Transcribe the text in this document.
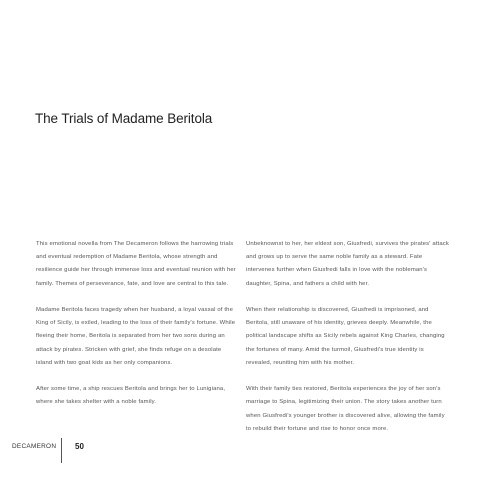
The Trials of Madame Beritola

This emotional novella from The Decameron follows the harrowing trials and eventual redemption of Madame Beritola, whose strength and resilience guide her through immense loss and eventual reunion with her family. Themes of perseverance, fate, and love are central to this tale.

Madame Beritola faces tragedy when her husband, a loyal vassal of the King of Sicily, is exiled, leading to the loss of their family's fortune. While fleeing their home, Beritola is separated from her two sons during an attack by pirates. Stricken with grief, she finds refuge on a desolate island with two goat kids as her only companions.

After some time, a ship rescues Beritola and brings her to Lunigiana, where she takes shelter with a noble family.

Unbeknownst to her, her eldest son, Giusfredi, survives the pirates' attack and grows up to serve the same noble family as a steward. Fate intervenes further when Giusfredi falls in love with the nobleman's daughter, Spina, and fathers a child with her.

When their relationship is discovered, Giusfredi is imprisoned, and Beritola, still unaware of his identity, grieves deeply. Meanwhile, the political landscape shifts as Sicily rebels against King Charles, changing the fortunes of many. Amid the turmoil, Giusfredi's true identity is revealed, reuniting him with his mother.

With their family ties restored, Beritola experiences the joy of her son's marriage to Spina, legitimizing their union. The story takes another turn when Giusfredi's younger brother is discovered alive, allowing the family to rebuild their fortune and rise to honor once more.

DECAMERON 50
